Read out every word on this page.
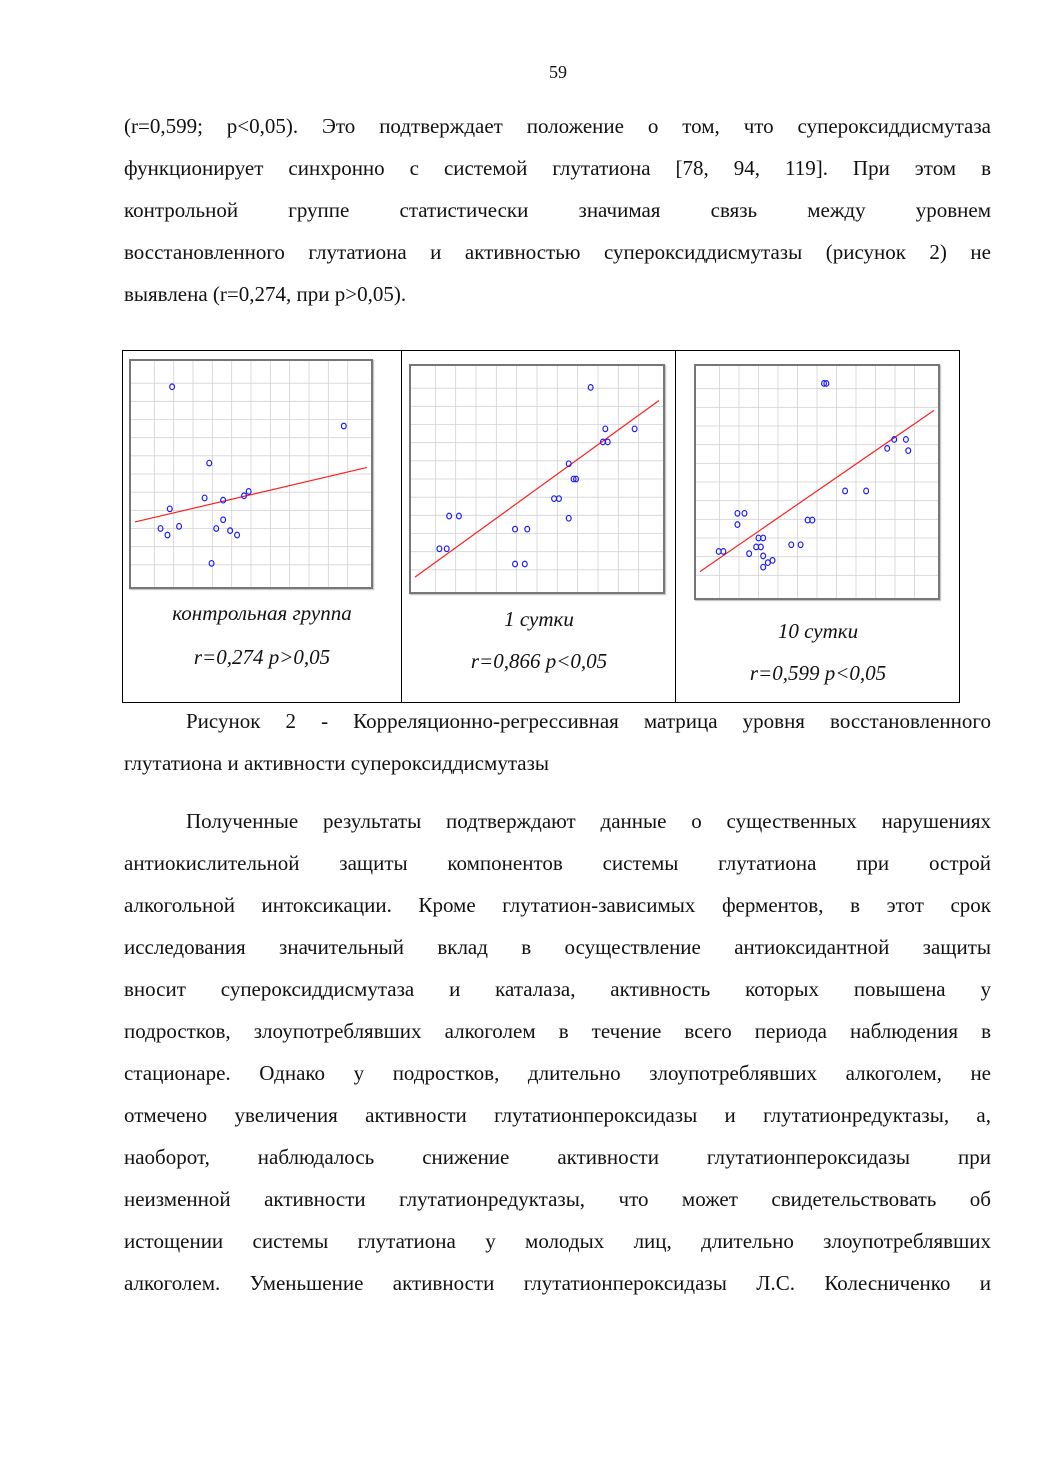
59
(r=0,599; p<0,05). Это подтверждает положение о том, что супероксиддисмутаза
функционирует синхронно с системой глутатиона [78, 94, 119]. При этом в
контрольной группе статистически значимая связь между уровнем
восстановленного глутатиона и активностью супероксиддисмутазы (рисунок 2) не
выявлена (r=0,274, при p>0,05).
контрольная группа
r=0,274 p>0,05
1 сутки
r=0,866 p<0,05
10 сутки
r=0,599 p<0,05
Рисунок 2 - Корреляционно-регрессивная матрица уровня восстановленного
глутатиона и активности супероксиддисмутазы
Полученные результаты подтверждают данные о существенных нарушениях
антиокислительной защиты компонентов системы глутатиона при острой
алкогольной интоксикации. Кроме глутатион-зависимых ферментов, в этот срок
исследования значительный вклад в осуществление антиоксидантной защиты
вносит супероксиддисмутаза и каталаза, активность которых повышена у
подростков, злоупотреблявших алкоголем в течение всего периода наблюдения в
стационаре. Однако у подростков, длительно злоупотреблявших алкоголем, не
отмечено увеличения активности глутатионпероксидазы и глутатионредуктазы, а,
наоборот, наблюдалось снижение активности глутатионпероксидазы при
неизменной активности глутатионредуктазы, что может свидетельствовать об
истощении системы глутатиона у молодых лиц, длительно злоупотреблявших
алкоголем. Уменьшение активности глутатионпероксидазы Л.С. Колесниченко и
